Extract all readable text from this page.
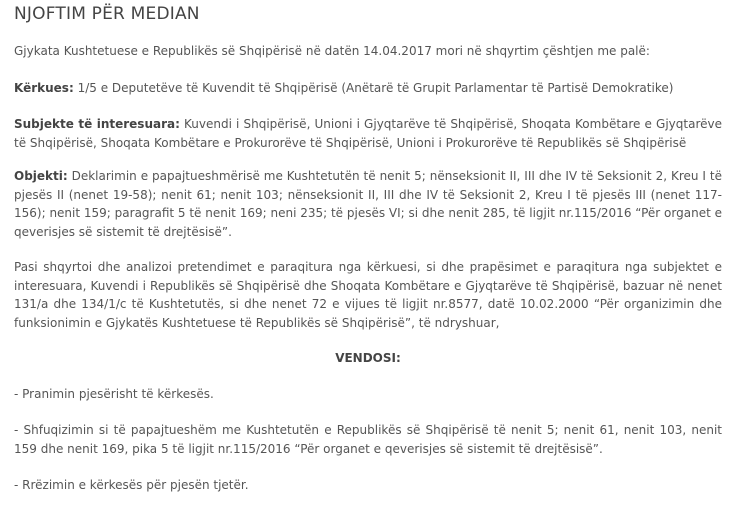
NJOFTIM PËR MEDIAN

Gjykata Kushtetuese e Republikës së Shqipërisë në datën 14.04.2017 mori në shqyrtim çështjen me palë:

Kërkues: 1/5 e Deputetëve të Kuvendit të Shqipërisë (Anëtarë të Grupit Parlamentar të Partisë Demokratike)

Subjekte të interesuara: Kuvendi i Shqipërisë, Unioni i Gjyqtarëve të Shqipërisë, Shoqata Kombëtare e Gjyqtarëve të Shqipërisë, Shoqata Kombëtare e Prokurorëve të Shqipërisë, Unioni i Prokurorëve të Republikës së Shqipërisë

Objekti: Deklarimin e papajtueshmërisë me Kushtetutën të nenit 5; nënseksionit II, III dhe IV të Seksionit 2, Kreu I të pjesës II (nenet 19-58); nenit 61; nenit 103; nënseksionit II, III dhe IV të Seksionit 2, Kreu I të pjesës III (nenet 117-156); nenit 159; paragrafit 5 të nenit 169; neni 235; të pjesës VI; si dhe nenit 285, të ligjit nr.115/2016 “Për organet e qeverisjes së sistemit të drejtësisë”.

Pasi shqyrtoi dhe analizoi pretendimet e paraqitura nga kërkuesi, si dhe prapësimet e paraqitura nga subjektet e interesuara, Kuvendi i Republikës së Shqipërisë dhe Shoqata Kombëtare e Gjyqtarëve të Shqipërisë, bazuar në nenet 131/a dhe 134/1/c të Kushtetutës, si dhe nenet 72 e vijues të ligjit nr.8577, datë 10.02.2000 “Për organizimin dhe funksionimin e Gjykatës Kushtetuese të Republikës së Shqipërisë”, të ndryshuar,

VENDOSI:

- Pranimin pjesërisht të kërkesës.

- Shfuqizimin si të papajtueshëm me Kushtetutën e Republikës së Shqipërisë të nenit 5; nenit 61, nenit 103, nenit 159 dhe nenit 169, pika 5 të ligjit nr.115/2016 “Për organet e qeverisjes së sistemit të drejtësisë”.

- Rrëzimin e kërkesës për pjesën tjetër.
